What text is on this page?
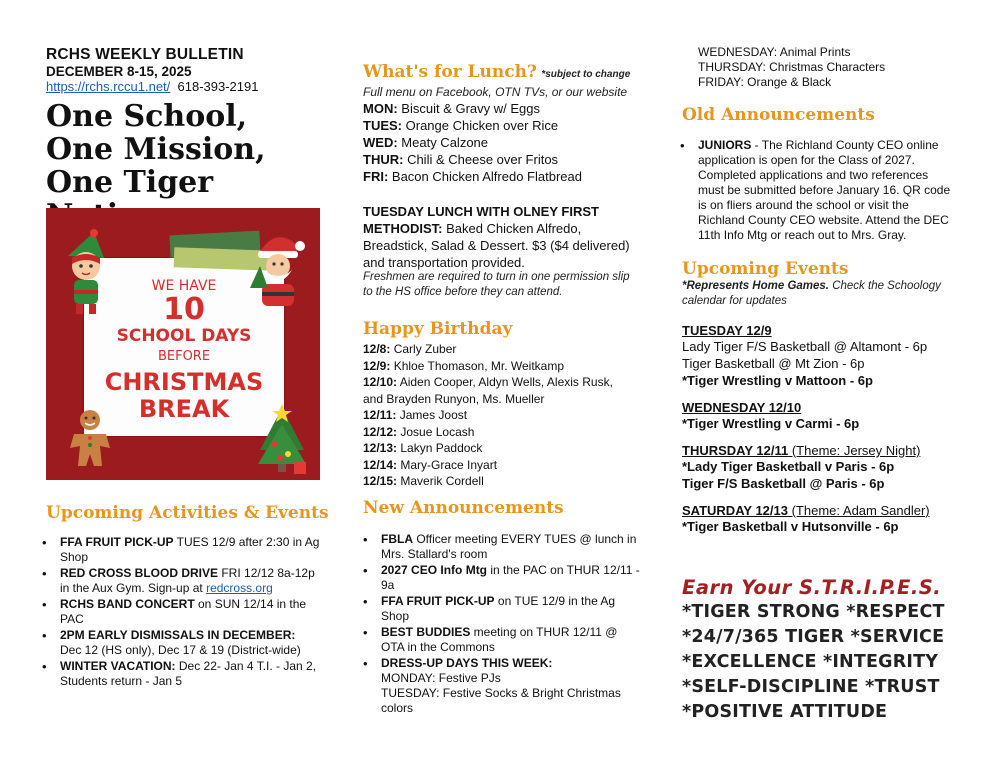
RCHS WEEKLY BULLETIN
DECEMBER 8-15, 2025
https://rchs.rccu1.net/ 618-393-2191
One School,
One Mission,
One Tiger
WE HAVE
10
SCHOOL DAYS
BEFORE
CHRISTMAS
BREAK
Upcoming Activities & Events
• FFA FRUIT PICK-UP TUES 12/9 after 2:30 in Ag Shop
• RED CROSS BLOOD DRIVE FRI 12/12 8a-12p in the Aux Gym. Sign-up at redcross.org
• RCHS BAND CONCERT on SUN 12/14 in the PAC
• 2PM EARLY DISMISSALS IN DECEMBER: Dec 12 (HS only), Dec 17 & 19 (District-wide)
• WINTER VACATION: Dec 22- Jan 4 T.I. - Jan 2, Students return - Jan 5
What's for Lunch? *subject to change
Full menu on Facebook, OTN TVs, or our website
MON: Biscuit & Gravy w/ Eggs
TUES: Orange Chicken over Rice
WED: Meaty Calzone
THUR: Chili & Cheese over Fritos
FRI: Bacon Chicken Alfredo Flatbread
TUESDAY LUNCH WITH OLNEY FIRST METHODIST: Baked Chicken Alfredo, Breadstick, Salad & Dessert. $3 ($4 delivered) and transportation provided.
Freshmen are required to turn in one permission slip to the HS office before they can attend.
Happy Birthday
12/8: Carly Zuber
12/9: Khloe Thomason, Mr. Weitkamp
12/10: Aiden Cooper, Aldyn Wells, Alexis Rusk, and Brayden Runyon, Ms. Mueller
12/11: James Joost
12/12: Josue Locash
12/13: Lakyn Paddock
12/14: Mary-Grace Inyart
12/15: Maverik Cordell
New Announcements
• FBLA Officer meeting EVERY TUES @ lunch in Mrs. Stallard's room
• 2027 CEO Info Mtg in the PAC on THUR 12/11 - 9a
• FFA FRUIT PICK-UP on TUE 12/9 in the Ag Shop
• BEST BUDDIES meeting on THUR 12/11 @ OTA in the Commons
• DRESS-UP DAYS THIS WEEK:
MONDAY: Festive PJs
TUESDAY: Festive Socks & Bright Christmas colors
WEDNESDAY: Animal Prints
THURSDAY: Christmas Characters
FRIDAY: Orange & Black
Old Announcements
• JUNIORS - The Richland County CEO online application is open for the Class of 2027. Completed applications and two references must be submitted before January 16. QR code is on fliers around the school or visit the Richland County CEO website. Attend the DEC 11th Info Mtg or reach out to Mrs. Gray.
Upcoming Events
*Represents Home Games. Check the Schoology calendar for updates
TUESDAY 12/9
Lady Tiger F/S Basketball @ Altamont - 6p
Tiger Basketball @ Mt Zion - 6p
*Tiger Wrestling v Mattoon - 6p
WEDNESDAY 12/10
*Tiger Wrestling v Carmi - 6p
THURSDAY 12/11 (Theme: Jersey Night)
*Lady Tiger Basketball v Paris - 6p
Tiger F/S Basketball @ Paris - 6p
SATURDAY 12/13 (Theme: Adam Sandler)
*Tiger Basketball v Hutsonville - 6p
Earn Your S.T.R.I.P.E.S.
*TIGER STRONG *RESPECT
*24/7/365 TIGER *SERVICE
*EXCELLENCE *INTEGRITY
*SELF-DISCIPLINE *TRUST
*POSITIVE ATTITUDE
